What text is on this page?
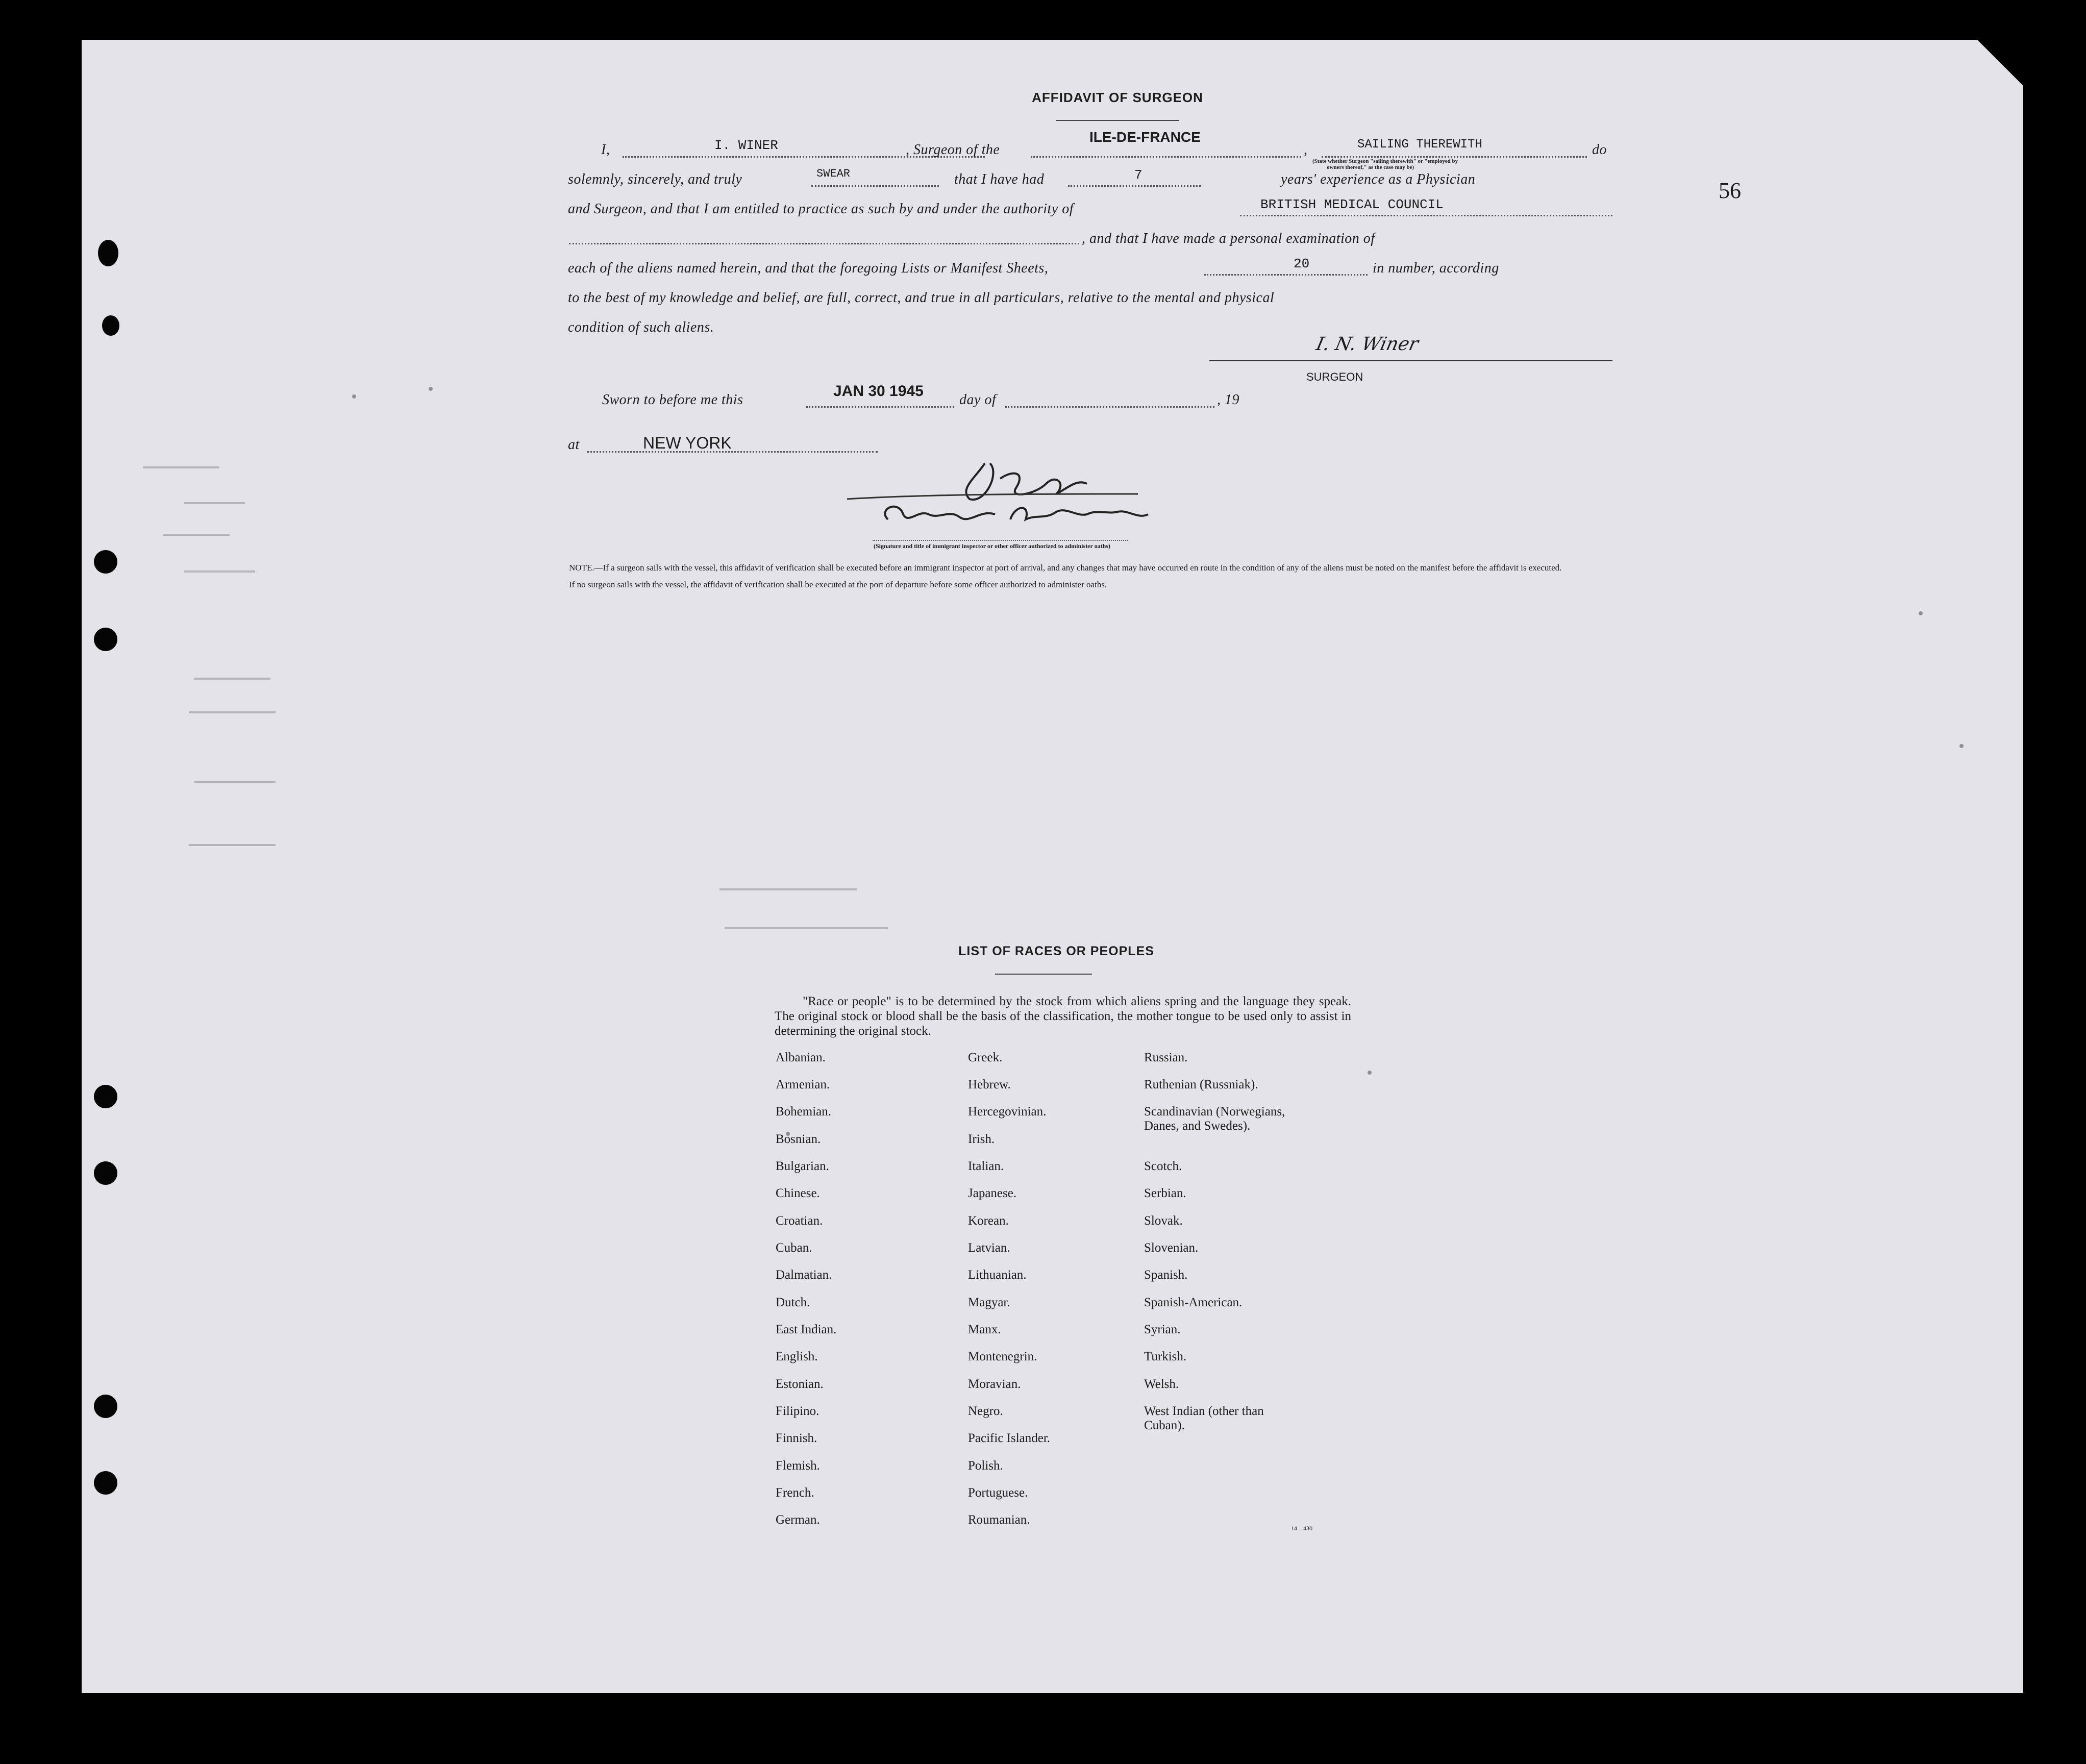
56
AFFIDAVIT OF SURGEON
I,	I. WINER	, Surgeon of the
ILE-DE-FRANCE
,	SAILING THEREWITH	do
(State whether Surgeon "sailing therewith" or "employed by
owners thereof," as the case may be)
solemnly, sincerely, and truly	SWEAR	that I have had	7	years' experience as a Physician
and Surgeon, and that I am entitled to practice as such by and under the authority of	BRITISH MEDICAL COUNCIL
, and that I have made a personal examination of
each of the aliens named herein, and that the foregoing Lists or Manifest Sheets,	20	in number, according
to the best of my knowledge and belief, are full, correct, and true in all particulars, relative to the mental and physical
condition of such aliens.
I. N. Winer
SURGEON
Sworn to before me this
JAN 30 1945
day of	, 19
at	NEW YORK
(Signature and title of immigrant inspector or other officer authorized to administer oaths)
NOTE.—If a surgeon sails with the vessel, this affidavit of verification shall be executed before an immigrant inspector at port of arrival, and any changes that may have occurred en route in the condition of any of the aliens must be noted on the manifest before the affidavit is executed.
If no surgeon sails with the vessel, the affidavit of verification shall be executed at the port of departure before some officer authorized to administer oaths.
LIST OF RACES OR PEOPLES
"Race or people" is to be determined by the stock from which aliens spring and the language they speak. The original stock or blood shall be the basis of the classification, the mother tongue to be used only to assist in determining the original stock.
Albanian.
Armenian.
Bohemian.
Bosnian.
Bulgarian.
Chinese.
Croatian.
Cuban.
Dalmatian.
Dutch.
East Indian.
English.
Estonian.
Filipino.
Finnish.
Flemish.
French.
German.
Greek.
Hebrew.
Hercegovinian.
Irish.
Italian.
Japanese.
Korean.
Latvian.
Lithuanian.
Magyar.
Manx.
Montenegrin.
Moravian.
Negro.
Pacific Islander.
Polish.
Portuguese.
Roumanian.
Russian.
Ruthenian (Russniak).
Scandinavian (Norwegians, Danes, and Swedes).
Scotch.
Serbian.
Slovak.
Slovenian.
Spanish.
Spanish-American.
Syrian.
Turkish.
Welsh.
West Indian (other than Cuban).
14—430
